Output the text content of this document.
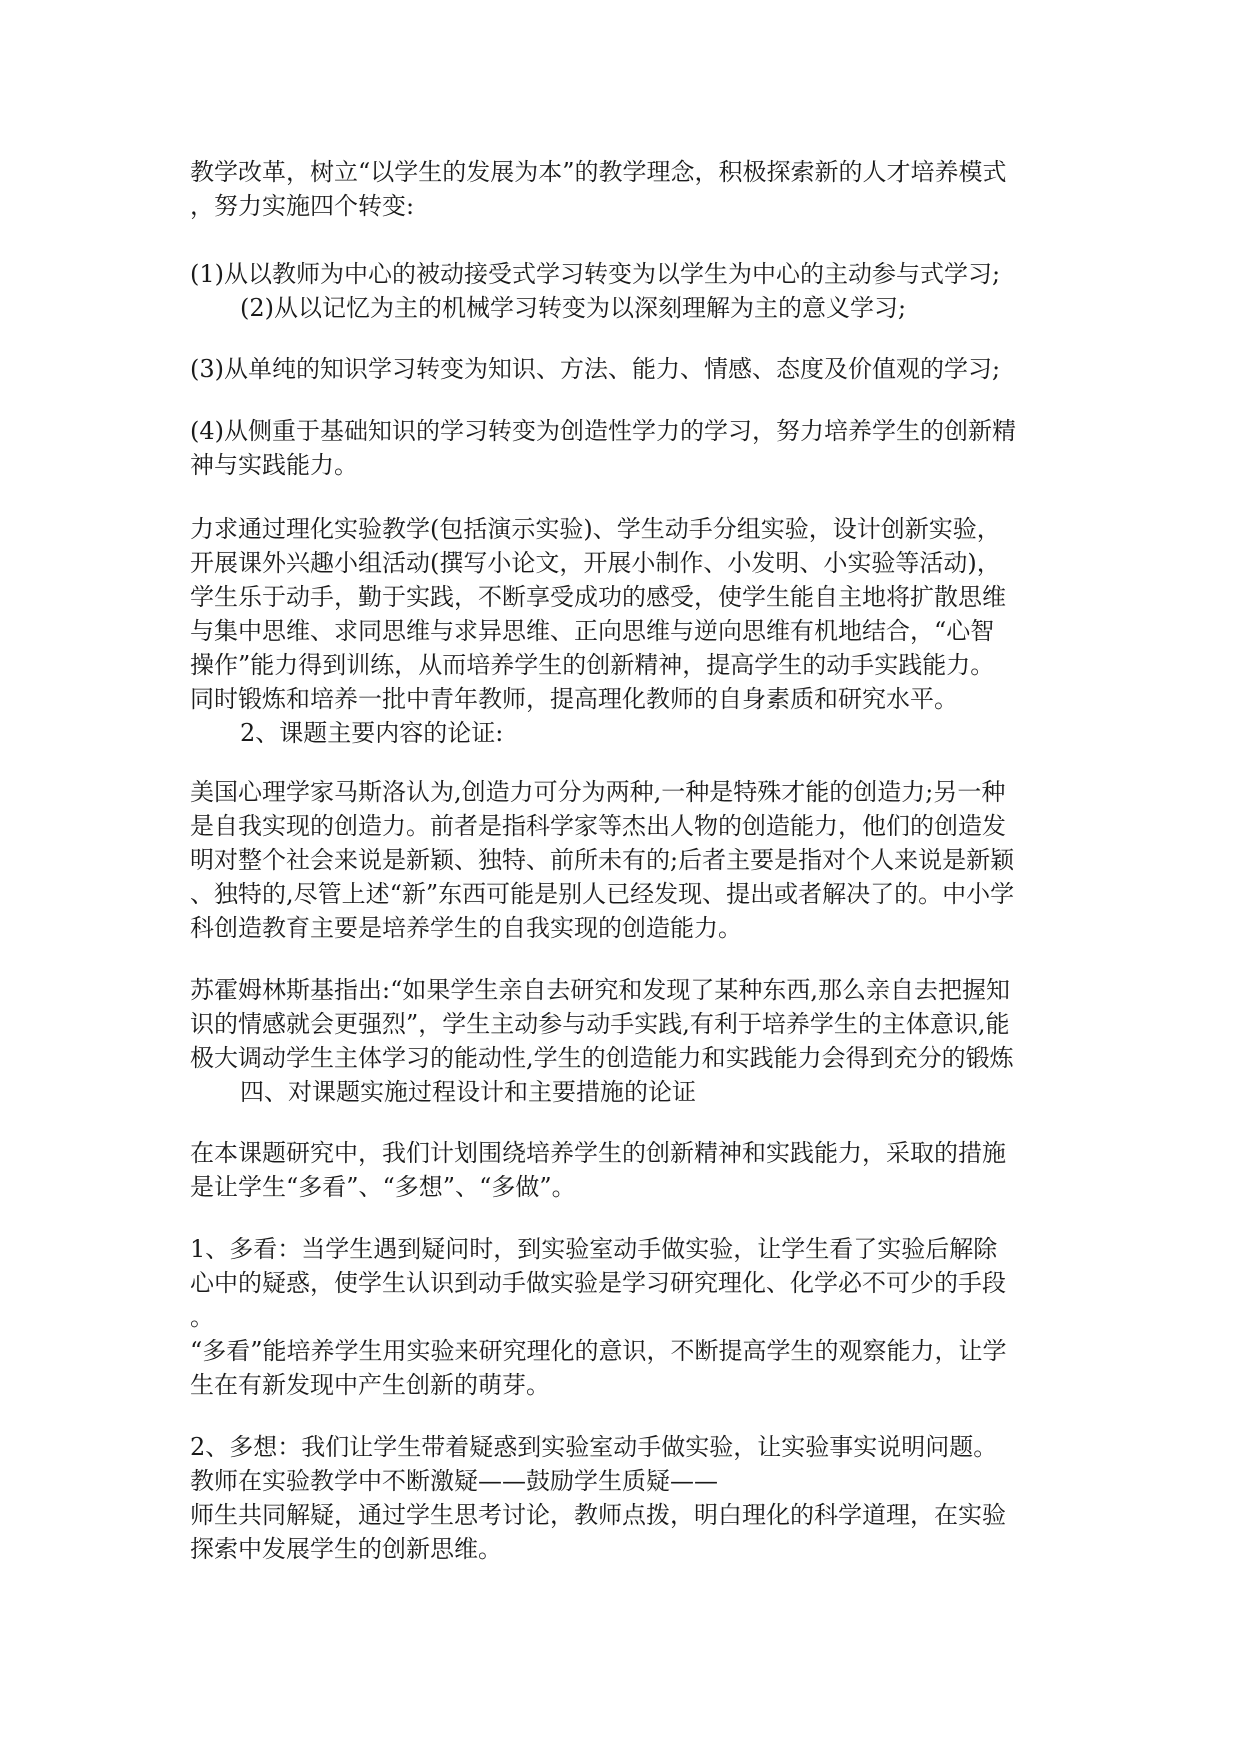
教学改革，树立“以学生的发展为本”的教学理念，积极探索新的人才培养模式
，努力实施四个转变:
(1)从以教师为中心的被动接受式学习转变为以学生为中心的主动参与式学习;
(2)从以记忆为主的机械学习转变为以深刻理解为主的意义学习;
(3)从单纯的知识学习转变为知识、方法、能力、情感、态度及价值观的学习;
(4)从侧重于基础知识的学习转变为创造性学力的学习，努力培养学生的创新精
神与实践能力。
力求通过理化实验教学(包括演示实验)、学生动手分组实验，设计创新实验，
开展课外兴趣小组活动(撰写小论文，开展小制作、小发明、小实验等活动)，
学生乐于动手，勤于实践，不断享受成功的感受，使学生能自主地将扩散思维
与集中思维、求同思维与求异思维、正向思维与逆向思维有机地结合，“心智
操作”能力得到训练，从而培养学生的创新精神，提高学生的动手实践能力。
同时锻炼和培养一批中青年教师，提高理化教师的自身素质和研究水平。
2、课题主要内容的论证:
美国心理学家马斯洛认为,创造力可分为两种,一种是特殊才能的创造力;另一种
是自我实现的创造力。前者是指科学家等杰出人物的创造能力，他们的创造发
明对整个社会来说是新颖、独特、前所未有的;后者主要是指对个人来说是新颖
、独特的,尽管上述“新”东西可能是别人已经发现、提出或者解决了的。中小学
科创造教育主要是培养学生的自我实现的创造能力。
苏霍姆林斯基指出:“如果学生亲自去研究和发现了某种东西,那么亲自去把握知
识的情感就会更强烈”，学生主动参与动手实践,有利于培养学生的主体意识,能
极大调动学生主体学习的能动性,学生的创造能力和实践能力会得到充分的锻炼
四、对课题实施过程设计和主要措施的论证
在本课题研究中，我们计划围绕培养学生的创新精神和实践能力，采取的措施
是让学生“多看”、“多想”、“多做”。
1、多看：当学生遇到疑问时，到实验室动手做实验，让学生看了实验后解除
心中的疑惑，使学生认识到动手做实验是学习研究理化、化学必不可少的手段
。
“多看”能培养学生用实验来研究理化的意识，不断提高学生的观察能力，让学
生在有新发现中产生创新的萌芽。
2、多想：我们让学生带着疑惑到实验室动手做实验，让实验事实说明问题。
教师在实验教学中不断激疑——鼓励学生质疑——
师生共同解疑，通过学生思考讨论，教师点拨，明白理化的科学道理，在实验
探索中发展学生的创新思维。
